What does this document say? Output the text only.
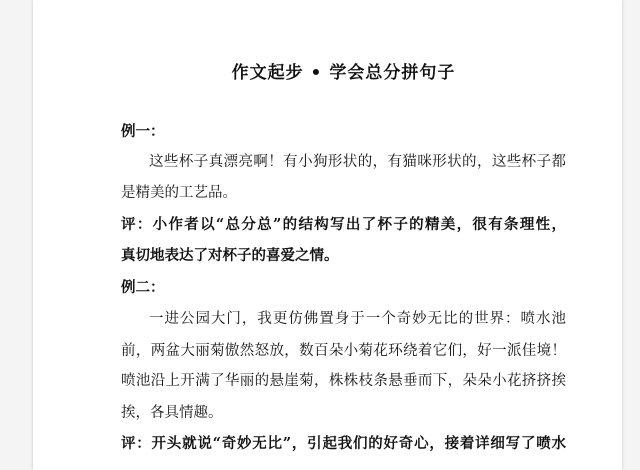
作文起步 • 学会总分拼句子
例一：
这些杯子真漂亮啊！有小狗形状的，有猫咪形状的，这些杯子都
是精美的工艺品。
评：小作者以“总分总”的结构写出了杯子的精美，很有条理性，
真切地表达了对杯子的喜爱之情。
例二：
一进公园大门，我更仿佛置身于一个奇妙无比的世界：喷水池
前，两盆大丽菊傲然怒放，数百朵小菊花环绕着它们，好一派佳境！
喷池沿上开满了华丽的悬崖菊，株株枝条悬垂而下，朵朵小花挤挤挨
挨，各具情趣。
评：开头就说“奇妙无比”，引起我们的好奇心，接着详细写了喷水
